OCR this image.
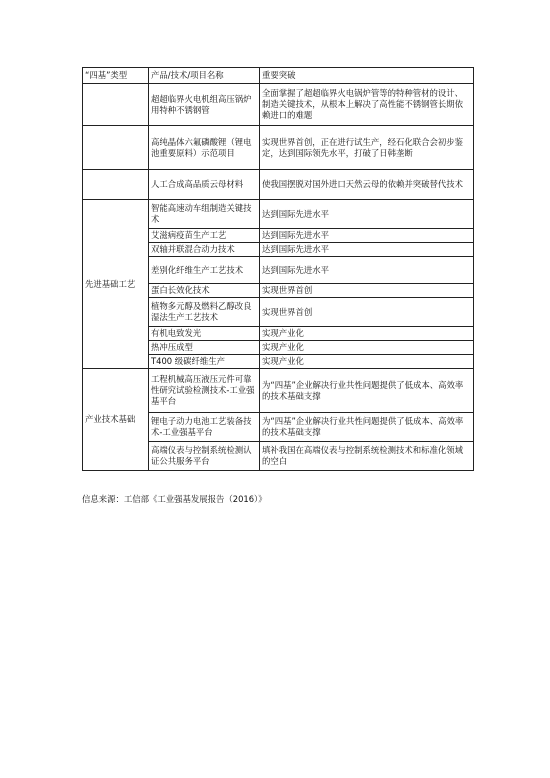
“四基”类型	产品/技术/项目名称	重要突破
	超超临界火电机组高压锅炉用特种不锈钢管	全面掌握了超超临界火电锅炉管等的特种管材的设计、制造关键技术，从根本上解决了高性能不锈钢管长期依赖进口的难题
	高纯晶体六氟磷酸锂（锂电池重要原料）示范项目	实现世界首创，正在进行试生产，经石化联合会初步鉴定，达到国际领先水平，打破了日韩垄断
	人工合成高品质云母材料	使我国摆脱对国外进口天然云母的依赖并突破替代技术
先进基础工艺	智能高速动车组制造关键技术	达到国际先进水平
	艾滋病疫苗生产工艺	达到国际先进水平
	双轴并联混合动力技术	达到国际先进水平
	差别化纤维生产工艺技术	达到国际先进水平
	蛋白长效化技术	实现世界首创
	植物多元醇及燃料乙醇改良湿法生产工艺技术	实现世界首创
	有机电致发光	实现产业化
	热冲压成型	实现产业化
	T400 级碳纤维生产	实现产业化
产业技术基础	工程机械高压液压元件可靠性研究试验检测技术-工业强基平台	为“四基”企业解决行业共性问题提供了低成本、高效率的技术基础支撑
	锂电子动力电池工艺装备技术-工业强基平台	为“四基”企业解决行业共性问题提供了低成本、高效率的技术基础支撑
	高端仪表与控制系统检测认证公共服务平台	填补我国在高端仪表与控制系统检测技术和标准化领域的空白
信息来源：工信部《工业强基发展报告（2016）》
